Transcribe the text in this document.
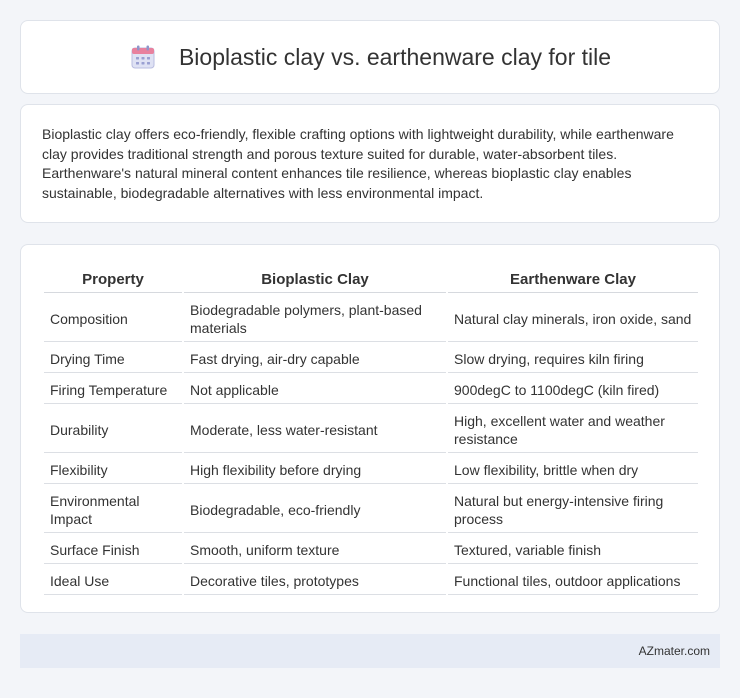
Bioplastic clay vs. earthenware clay for tile

Bioplastic clay offers eco-friendly, flexible crafting options with lightweight durability, while earthenware clay provides traditional strength and porous texture suited for durable, water-absorbent tiles. Earthenware's natural mineral content enhances tile resilience, whereas bioplastic clay enables sustainable, biodegradable alternatives with less environmental impact.

Property	Bioplastic Clay	Earthenware Clay
Composition	Biodegradable polymers, plant-based materials	Natural clay minerals, iron oxide, sand
Drying Time	Fast drying, air-dry capable	Slow drying, requires kiln firing
Firing Temperature	Not applicable	900degC to 1100degC (kiln fired)
Durability	Moderate, less water-resistant	High, excellent water and weather resistance
Flexibility	High flexibility before drying	Low flexibility, brittle when dry
Environmental Impact	Biodegradable, eco-friendly	Natural but energy-intensive firing process
Surface Finish	Smooth, uniform texture	Textured, variable finish
Ideal Use	Decorative tiles, prototypes	Functional tiles, outdoor applications
AZmater.com
